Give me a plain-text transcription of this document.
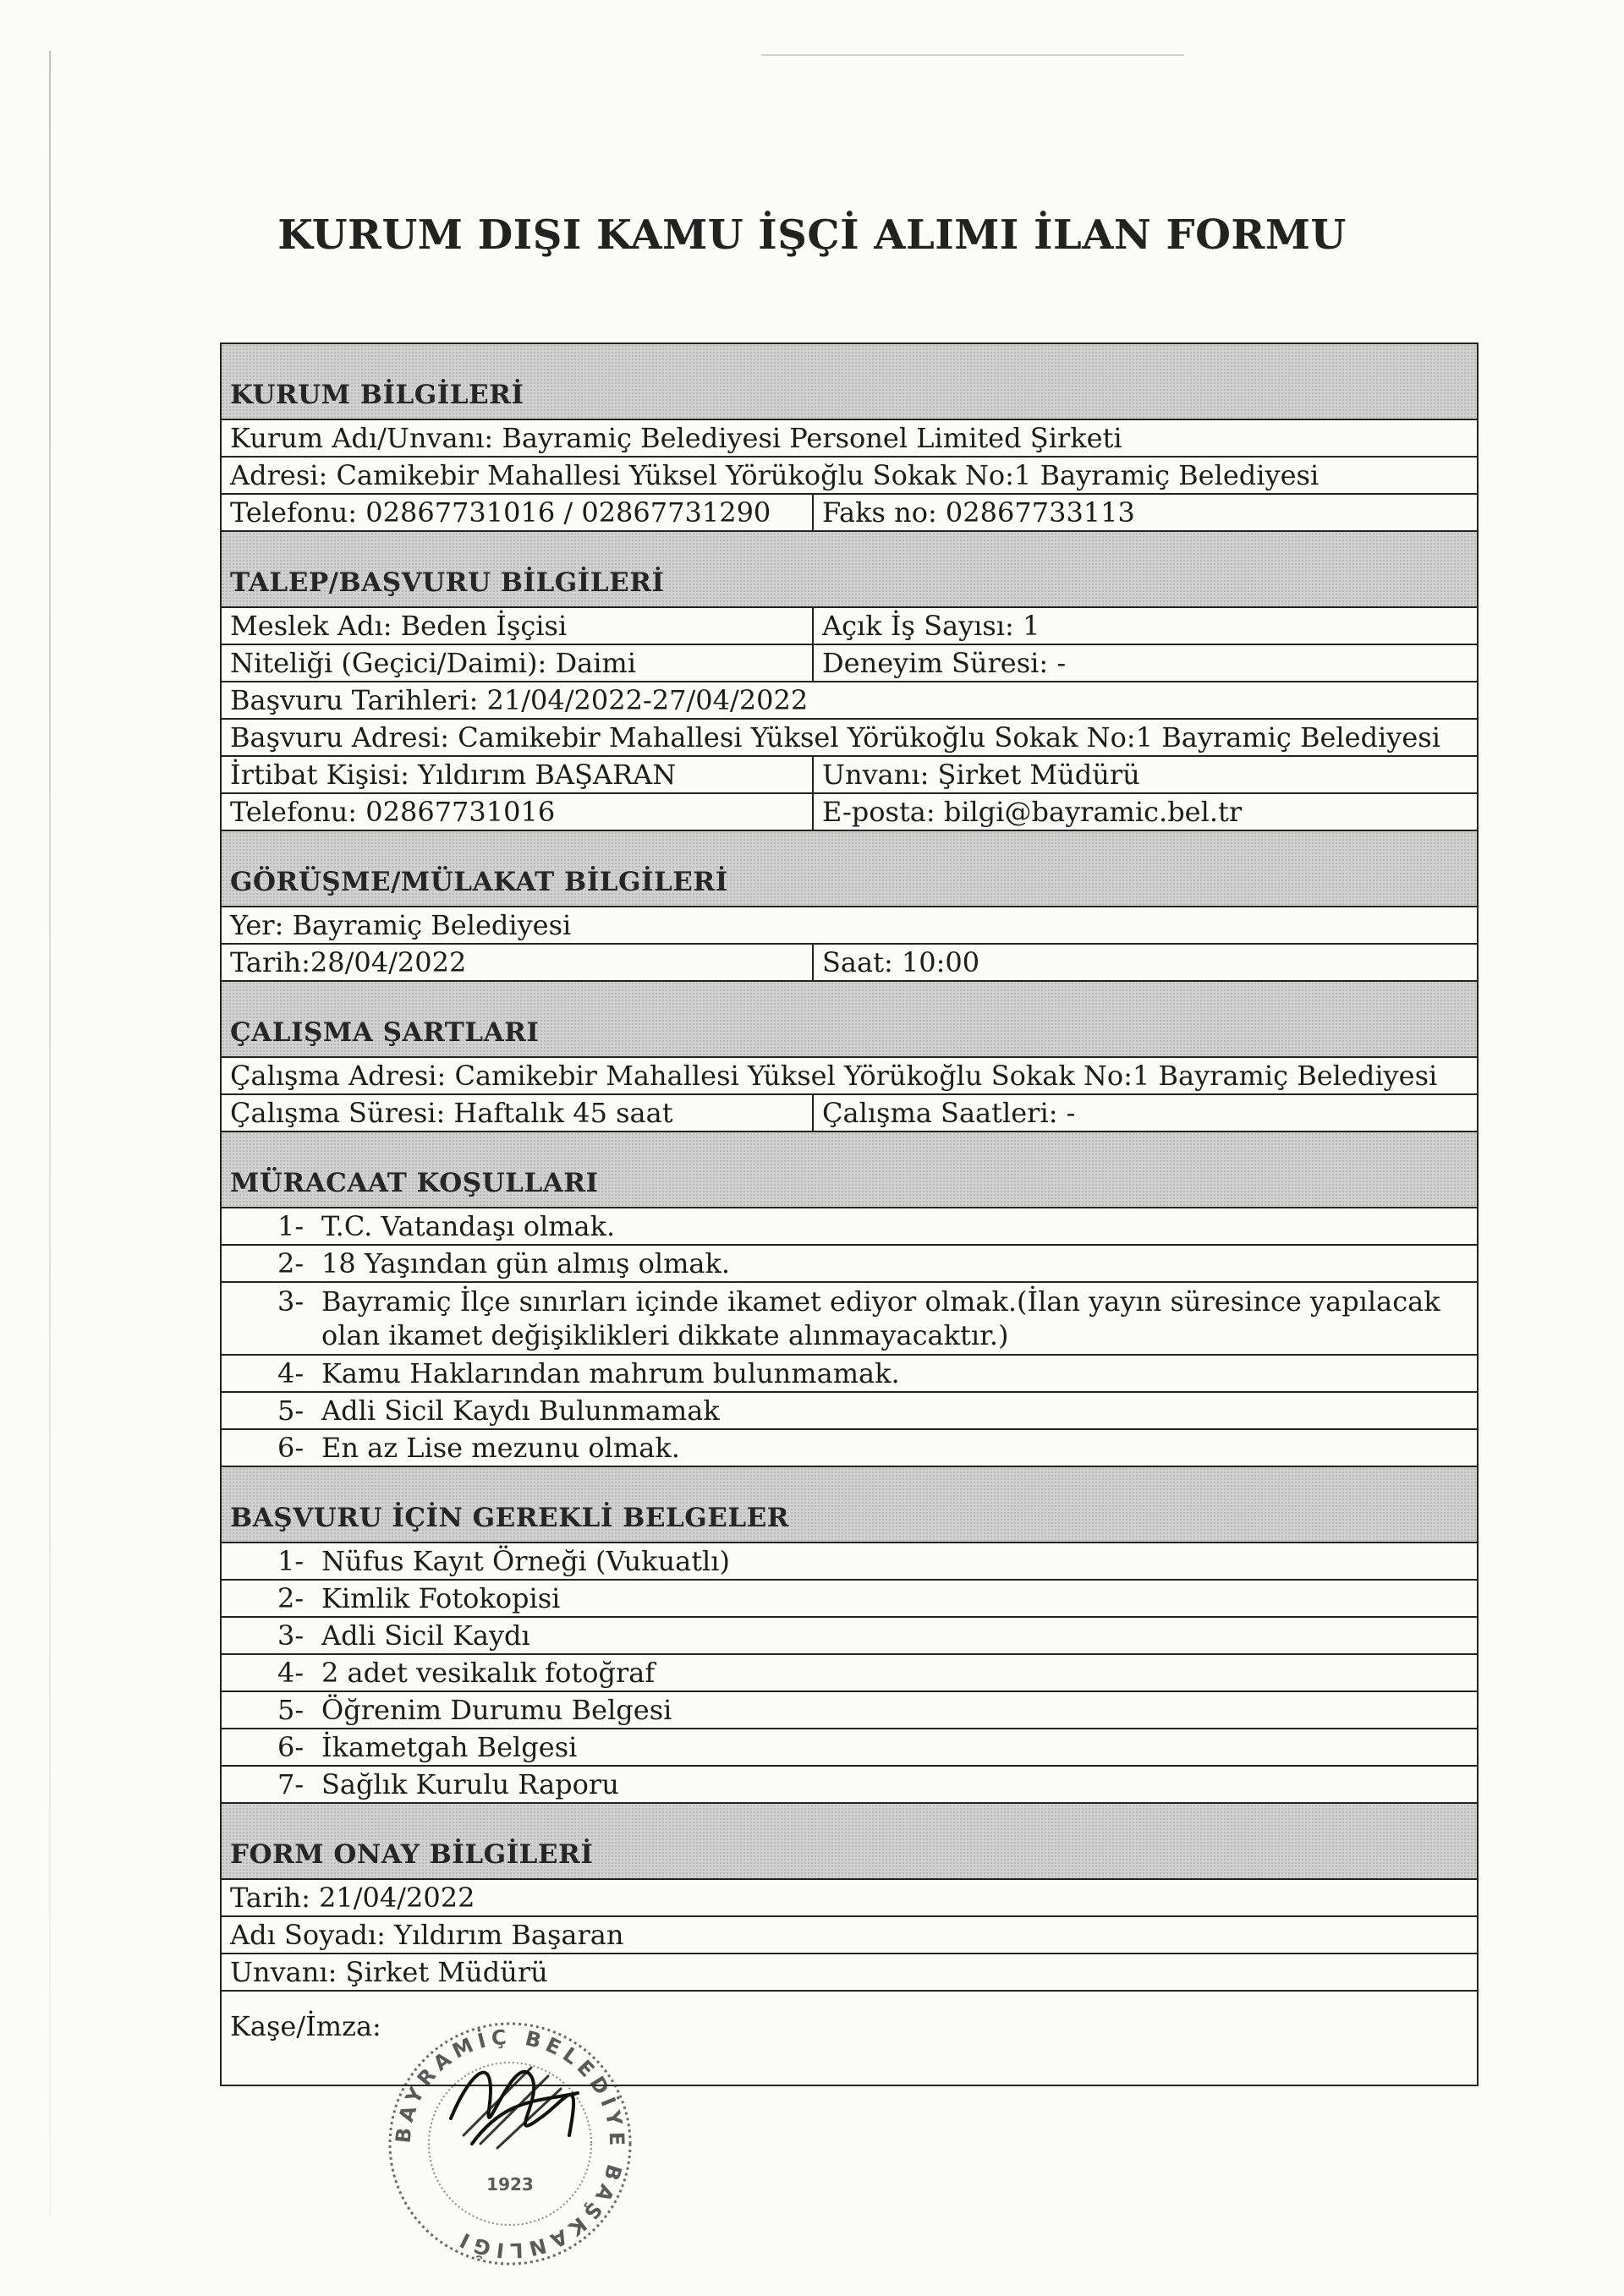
KURUM DIŞI KAMU İŞÇİ ALIMI İLAN FORMU
KURUM BİLGİLERİ
Kurum Adı/Unvanı: Bayramiç Belediyesi Personel Limited Şirketi
Adresi: Camikebir Mahallesi Yüksel Yörükoğlu Sokak No:1 Bayramiç Belediyesi
Telefonu: 02867731016 / 02867731290	Faks no: 02867733113
TALEP/BAŞVURU BİLGİLERİ
Meslek Adı: Beden İşçisi	Açık İş Sayısı: 1
Niteliği (Geçici/Daimi): Daimi	Deneyim Süresi: -
Başvuru Tarihleri: 21/04/2022-27/04/2022
Başvuru Adresi: Camikebir Mahallesi Yüksel Yörükoğlu Sokak No:1 Bayramiç Belediyesi
İrtibat Kişisi: Yıldırım BAŞARAN	Unvanı: Şirket Müdürü
Telefonu: 02867731016	E-posta: bilgi@bayramic.bel.tr
GÖRÜŞME/MÜLAKAT BİLGİLERİ
Yer: Bayramiç Belediyesi
Tarih:28/04/2022	Saat: 10:00
ÇALIŞMA ŞARTLARI
Çalışma Adresi: Camikebir Mahallesi Yüksel Yörükoğlu Sokak No:1 Bayramiç Belediyesi
Çalışma Süresi: Haftalık 45 saat	Çalışma Saatleri: -
MÜRACAAT KOŞULLARI
1- T.C. Vatandaşı olmak.
2- 18 Yaşından gün almış olmak.
3- Bayramiç İlçe sınırları içinde ikamet ediyor olmak.(İlan yayın süresince yapılacak olan ikamet değişiklikleri dikkate alınmayacaktır.)
4- Kamu Haklarından mahrum bulunmamak.
5- Adli Sicil Kaydı Bulunmamak
6- En az Lise mezunu olmak.
BAŞVURU İÇİN GEREKLİ BELGELER
1- Nüfus Kayıt Örneği (Vukuatlı)
2- Kimlik Fotokopisi
3- Adli Sicil Kaydı
4- 2 adet vesikalık fotoğraf
5- Öğrenim Durumu Belgesi
6- İkametgah Belgesi
7- Sağlık Kurulu Raporu
FORM ONAY BİLGİLERİ
Tarih: 21/04/2022
Adı Soyadı: Yıldırım Başaran
Unvanı: Şirket Müdürü
Kaşe/İmza:
BAYRAMİÇ BELEDİYE BAŞKANLIĞI
1923
